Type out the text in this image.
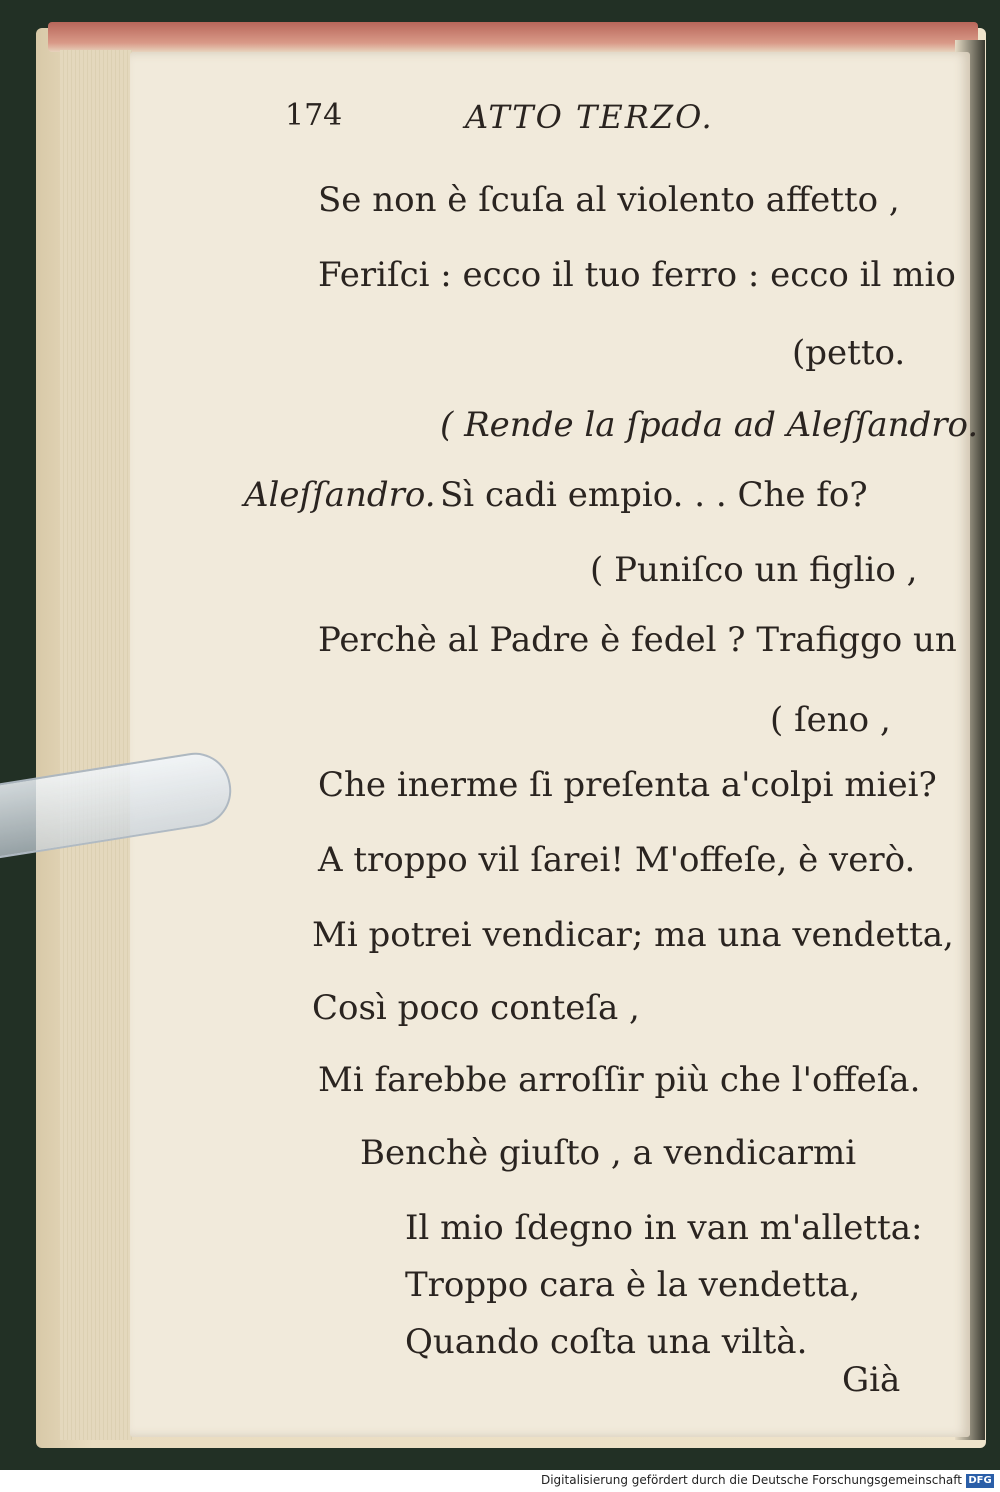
174	ATTO TERZO.
Se non è ſcuſa al violento affetto ,
Feriſci : ecco il tuo ferro : ecco il mio
(petto.
( Rende la ſpada ad Aleſſandro.
Aleſſandro. Sì cadi empio. . . Che fo?
( Puniſco un figlio ,
Perchè al Padre è fedel ? Trafiggo un
( ſeno ,
Che inerme ſi preſenta a'colpi miei?
A troppo vil ſarei! M'offeſe, è verò.
Mi potrei vendicar; ma una vendetta,
Così poco conteſa ,
Mi farebbe arroſſir più che l'offeſa.
Benchè giuſto , a vendicarmi
Il mio ſdegno in van m'alletta:
Troppo cara è la vendetta,
Quando coſta una viltà.
Già
Digitalisierung gefördert durch die Deutsche Forschungsgemeinschaft DFG
